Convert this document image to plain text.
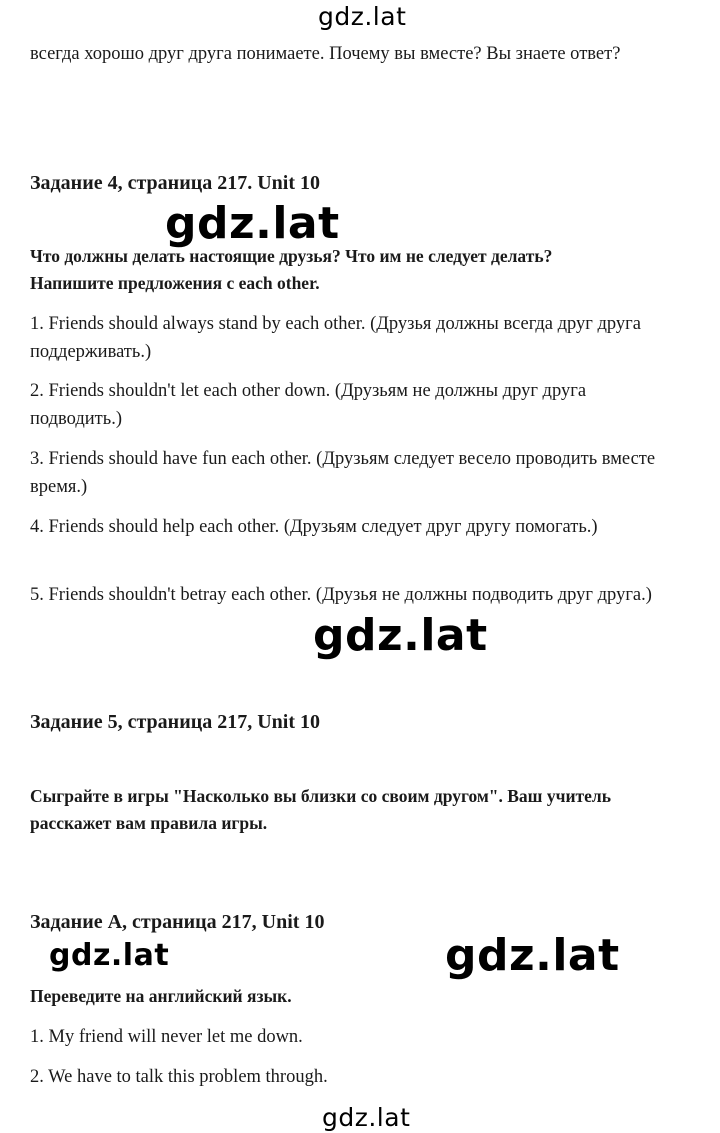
gdz.lat
всегда хорошо друг друга понимаете. Почему вы вместе? Вы знаете ответ?
Задание 4, страница 217. Unit 10
Что должны делать настоящие друзья? Что им не следует делать? Напишите предложения с each other.
1. Friends should always stand by each other. (Друзья должны всегда друг друга поддерживать.)
2. Friends shouldn't let each other down. (Друзьям не должны друг друга подводить.)
3. Friends should have fun each other. (Друзьям следует весело проводить вместе время.)
4. Friends should help each other. (Друзьям следует друг другу помогать.)
5. Friends shouldn't betray each other. (Друзья не должны подводить друг друга.)
gdz.lat
gdz.lat
Задание 5, страница 217, Unit 10
Сыграйте в игры "Насколько вы близки со своим другом". Ваш учитель расскажет вам правила игры.
Задание A, страница 217, Unit 10
gdz.lat	gdz.lat
Переведите на английский язык.
1. My friend will never let me down.
2. We have to talk this problem through.
gdz.lat
